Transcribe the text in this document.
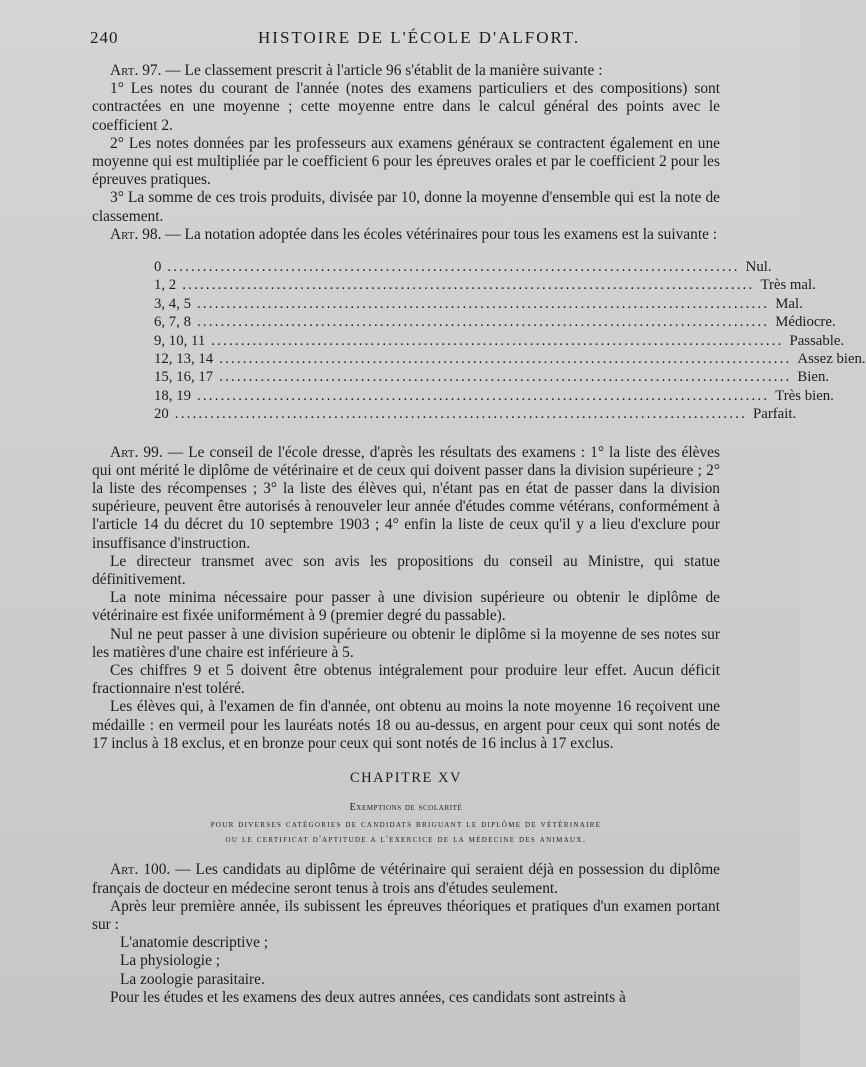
240	HISTOIRE DE L'ÉCOLE D'ALFORT.

Art. 97. — Le classement prescrit à l'article 96 s'établit de la manière suivante :

1° Les notes du courant de l'année (notes des examens particuliers et des compositions) sont contractées en une moyenne ; cette moyenne entre dans le calcul général des points avec le coefficient 2.

2° Les notes données par les professeurs aux examens généraux se contractent également en une moyenne qui est multipliée par le coefficient 6 pour les épreuves orales et par le coefficient 2 pour les épreuves pratiques.

3° La somme de ces trois produits, divisée par 10, donne la moyenne d'ensemble qui est la note de classement.

Art. 98. — La notation adoptée dans les écoles vétérinaires pour tous les examens est la suivante :

0 ................................................................................................. Nul.
1, 2 ................................................................................................. Très mal.
3, 4, 5 ................................................................................................. Mal.
6, 7, 8 ................................................................................................. Médiocre.
9, 10, 11 ................................................................................................. Passable.
12, 13, 14 ................................................................................................. Assez bien.
15, 16, 17 ................................................................................................. Bien.
18, 19 ................................................................................................. Très bien.
20 ................................................................................................. Parfait.

Art. 99. — Le conseil de l'école dresse, d'après les résultats des examens : 1° la liste des élèves qui ont mérité le diplôme de vétérinaire et de ceux qui doivent passer dans la division supérieure ; 2° la liste des récompenses ; 3° la liste des élèves qui, n'étant pas en état de passer dans la division supérieure, peuvent être autorisés à renouveler leur année d'études comme vétérans, conformément à l'article 14 du décret du 10 septembre 1903 ; 4° enfin la liste de ceux qu'il y a lieu d'exclure pour insuffisance d'instruction.

Le directeur transmet avec son avis les propositions du conseil au Ministre, qui statue définitivement.

La note minima nécessaire pour passer à une division supérieure ou obtenir le diplôme de vétérinaire est fixée uniformément à 9 (premier degré du passable).

Nul ne peut passer à une division supérieure ou obtenir le diplôme si la moyenne de ses notes sur les matières d'une chaire est inférieure à 5.

Ces chiffres 9 et 5 doivent être obtenus intégralement pour produire leur effet. Aucun déficit fractionnaire n'est toléré.

Les élèves qui, à l'examen de fin d'année, ont obtenu au moins la note moyenne 16 reçoivent une médaille : en vermeil pour les lauréats notés 18 ou au-dessus, en argent pour ceux qui sont notés de 17 inclus à 18 exclus, et en bronze pour ceux qui sont notés de 16 inclus à 17 exclus.

CHAPITRE XV
Exemptions de scolarité
pour diverses catégories de candidats briguant le diplôme de vétérinaire
ou le certificat d'aptitude a l'exercice de la médecine des animaux.

Art. 100. — Les candidats au diplôme de vétérinaire qui seraient déjà en possession du diplôme français de docteur en médecine seront tenus à trois ans d'études seulement.

Après leur première année, ils subissent les épreuves théoriques et pratiques d'un examen portant sur :

L'anatomie descriptive ;

La physiologie ;

La zoologie parasitaire.

Pour les études et les examens des deux autres années, ces candidats sont astreints à
